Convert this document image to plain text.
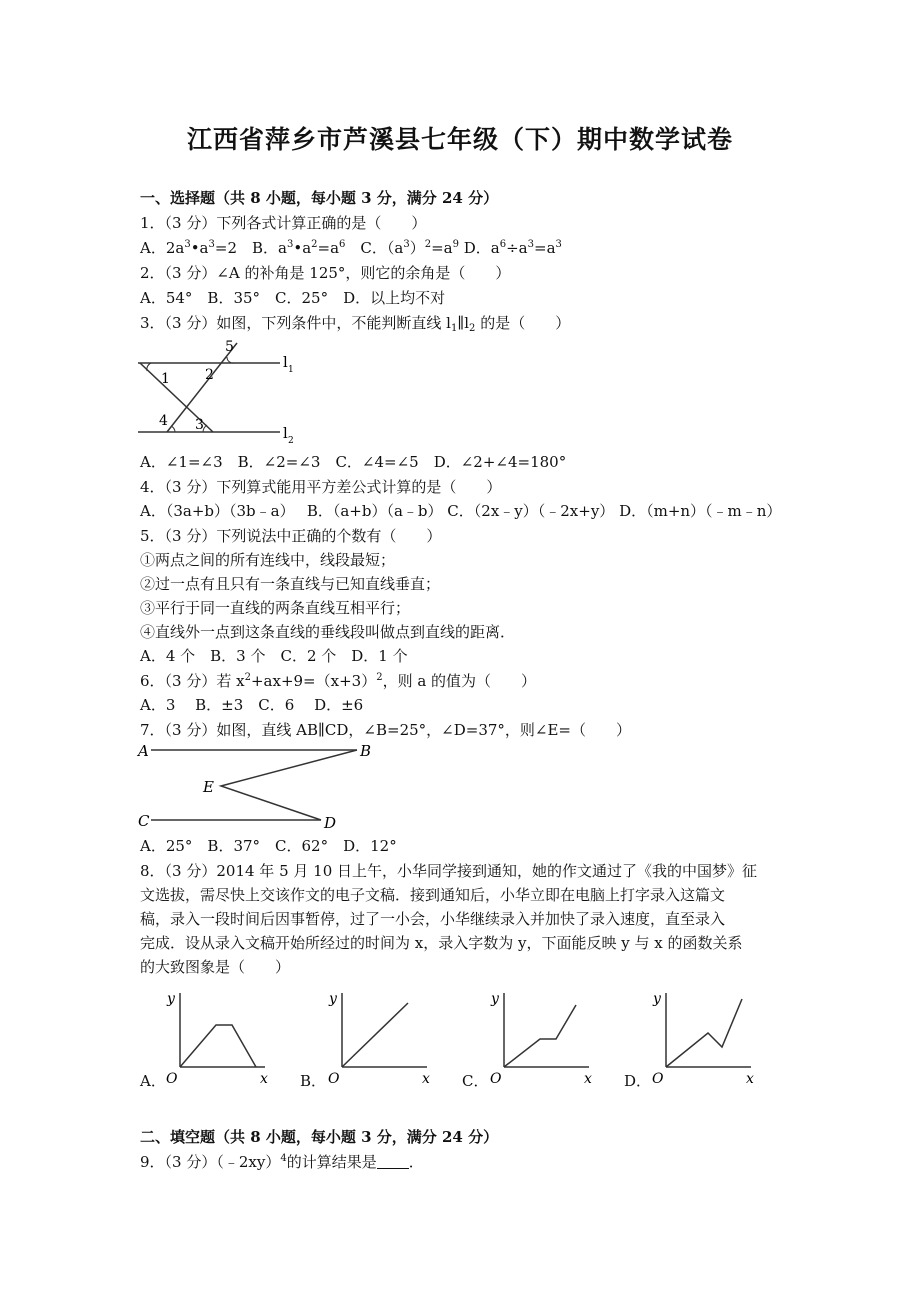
江西省萍乡市芦溪县七年级（下）期中数学试卷
一、选择题（共 8 小题，每小题 3 分，满分 24 分）
1．（3 分）下列各式计算正确的是（　　）
A．$2a^3•a^3=2$　B．$a^3•a^2=a^6$　C．$(a^3)^2=a^9$ D．$a^6\div a^3=a^3$
2．（3 分）∠A 的补角是 125°，则它的余角是（　　）
A．54°　B．35°　C．25°　D．以上均不对
3．（3 分）如图，下列条件中，不能判断直线 $l_1\parallel l_2$ 的是（　　）
1	2
3
4
5
l 1
l 2
A．∠1=∠3　B．∠2=∠3　C．∠4=∠5　D．∠2+∠4=180°
4．（3 分）下列算式能用平方差公式计算的是（　　）
A．（3a+b）（3b﹣a）　 B．（a+b）（a﹣b） C．（2x﹣y）（﹣2x+y） D．（m+n）（﹣m﹣n）
5．（3 分）下列说法中正确的个数有（　　）
①两点之间的所有连线中，线段最短；
②过一点有且只有一条直线与已知直线垂直；
③平行于同一直线的两条直线互相平行；
④直线外一点到这条直线的垂线段叫做点到直线的距离．
A．4 个　B．3 个　C．2 个　D．1 个
6．（3 分）若 $x^2+ax+9=(x+3)^2$，则 a 的值为（　　）
A．3　 B．±3　C．6　 D．±6
7．（3 分）如图，直线 AB∥CD，∠B=25°，∠D=37°，则∠E=（　　）
A	B
E
C	D
A．25°　B．37°　C．62°　D．12°
8．（3 分）2014 年 5 月 10 日上午，小华同学接到通知，她的作文通过了《我的中国梦》征
文选拔，需尽快上交该作文的电子文稿．接到通知后，小华立即在电脑上打字录入这篇文
稿，录入一段时间后因事暂停，过了一小会，小华继续录入并加快了录入速度，直至录入
完成．设从录入文稿开始所经过的时间为 x，录入字数为 y，下面能反映 y 与 x 的函数关系
的大致图象是（　　）
A．
y
O	x B．
y
O	x C．
y
O	x D．
y
O	x
二、填空题（共 8 小题，每小题 3 分，满分 24 分）
9．（3 分）（﹣2xy）$^4$的计算结果是 ．
